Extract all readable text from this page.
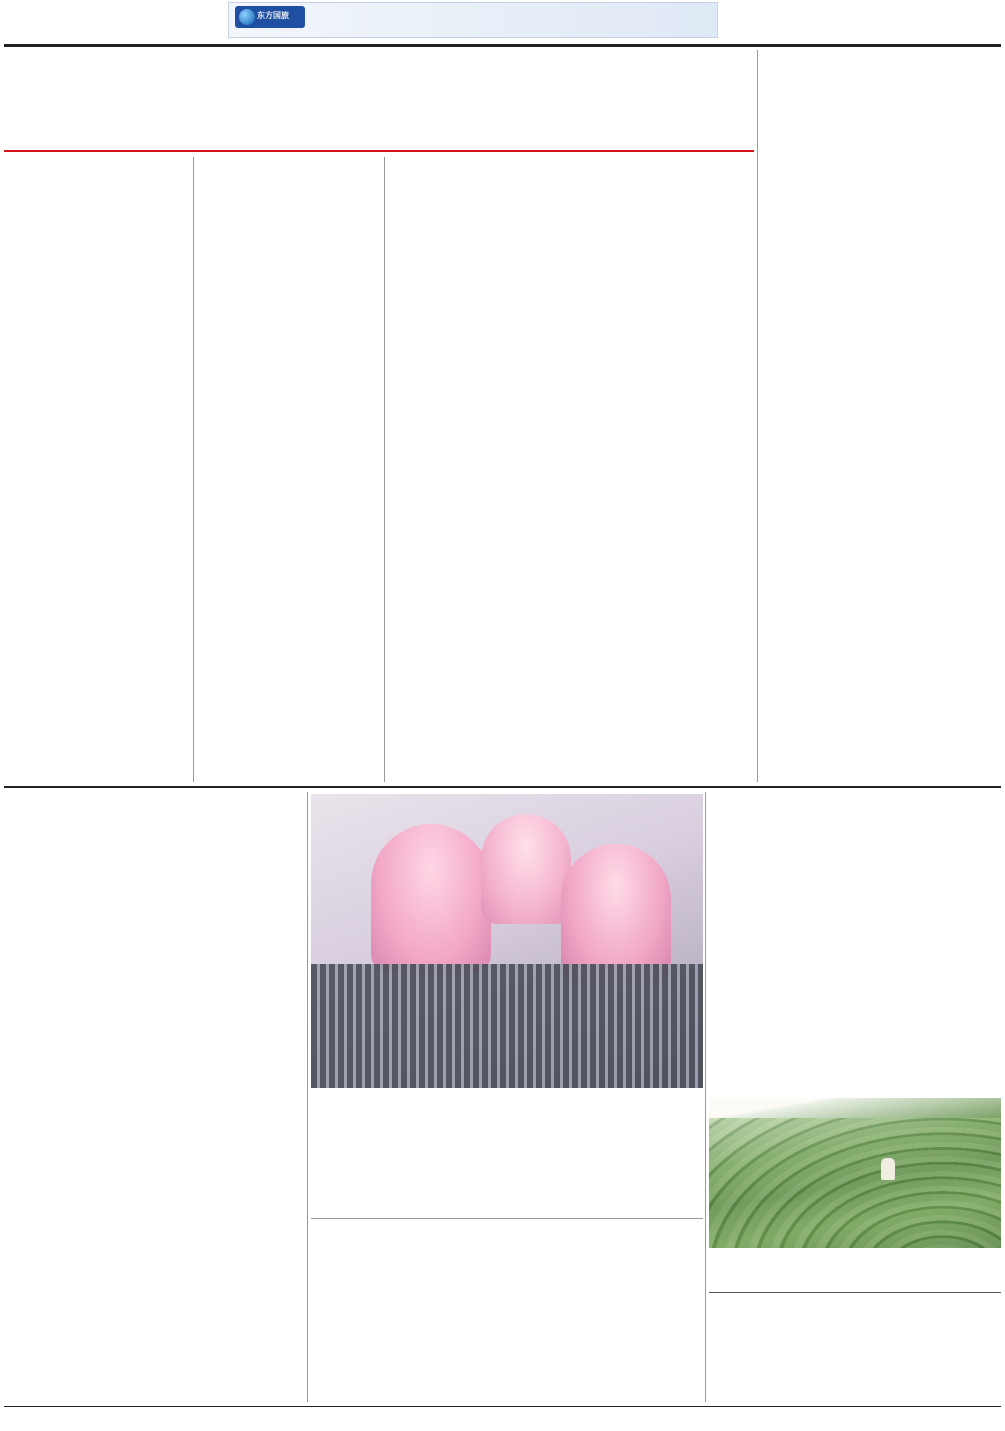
东方国旅
